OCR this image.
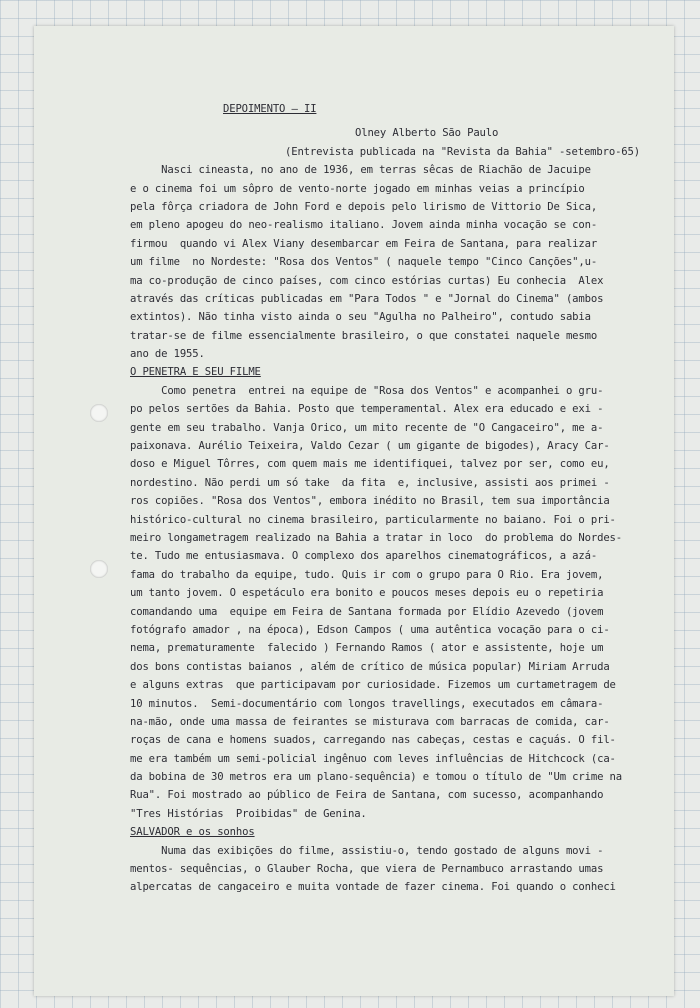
DEPOIMENTO — II
Olney Alberto São Paulo
(Entrevista publicada na "Revista da Bahia" -setembro-65)
Nasci cineasta, no ano de 1936, em terras sêcas de Riachão de Jacuipe
e o cinema foi um sôpro de vento-norte jogado em minhas veias a princípio
pela fôrça criadora de John Ford e depois pelo lirismo de Vittorio De Sica,
em pleno apogeu do neo-realismo italiano. Jovem ainda minha vocação se con-
firmou  quando vi Alex Viany desembarcar em Feira de Santana, para realizar
um filme  no Nordeste: "Rosa dos Ventos" ( naquele tempo "Cinco Canções",u-
ma co-produção de cinco países, com cinco estórias curtas) Eu conhecia  Alex
através das críticas publicadas em "Para Todos " e "Jornal do Cinema" (ambos
extintos). Não tinha visto ainda o seu "Agulha no Palheiro", contudo sabia
tratar-se de filme essencialmente brasileiro, o que constatei naquele mesmo
ano de 1955.
O PENETRA E SEU FILME
Como penetra  entrei na equipe de "Rosa dos Ventos" e acompanhei o gru-
po pelos sertões da Bahia. Posto que temperamental. Alex era educado e exi -
gente em seu trabalho. Vanja Orico, um mito recente de "O Cangaceiro", me a-
paixonava. Aurélio Teixeira, Valdo Cezar ( um gigante de bigodes), Aracy Car-
doso e Miguel Tôrres, com quem mais me identifiquei, talvez por ser, como eu,
nordestino. Não perdi um só take  da fita  e, inclusive, assisti aos primei -
ros copiões. "Rosa dos Ventos", embora inédito no Brasil, tem sua importância
histórico-cultural no cinema brasileiro, particularmente no baiano. Foi o pri-
meiro longametragem realizado na Bahia a tratar in loco  do problema do Nordes-
te. Tudo me entusiasmava. O complexo dos aparelhos cinematográficos, a azá-
fama do trabalho da equipe, tudo. Quis ir com o grupo para O Rio. Era jovem,
um tanto jovem. O espetáculo era bonito e poucos meses depois eu o repetiria
comandando uma  equipe em Feira de Santana formada por Elídio Azevedo (jovem
fotógrafo amador , na época), Edson Campos ( uma autêntica vocação para o ci-
nema, prematuramente  falecido ) Fernando Ramos ( ator e assistente, hoje um
dos bons contistas baianos , além de crítico de música popular) Miriam Arruda
e alguns extras  que participavam por curiosidade. Fizemos um curtametragem de
10 minutos.  Semi-documentário com longos travellings, executados em câmara-
na-mão, onde uma massa de feirantes se misturava com barracas de comida, car-
roças de cana e homens suados, carregando nas cabeças, cestas e caçuás. O fil-
me era também um semi-policial ingênuo com leves influências de Hitchcock (ca-
da bobina de 30 metros era um plano-sequência) e tomou o título de "Um crime na
Rua". Foi mostrado ao público de Feira de Santana, com sucesso, acompanhando
"Tres Histórias  Proibidas" de Genina.
SALVADOR e os sonhos
Numa das exibições do filme, assistiu-o, tendo gostado de alguns movi -
mentos- sequências, o Glauber Rocha, que viera de Pernambuco arrastando umas
alpercatas de cangaceiro e muita vontade de fazer cinema. Foi quando o conheci
